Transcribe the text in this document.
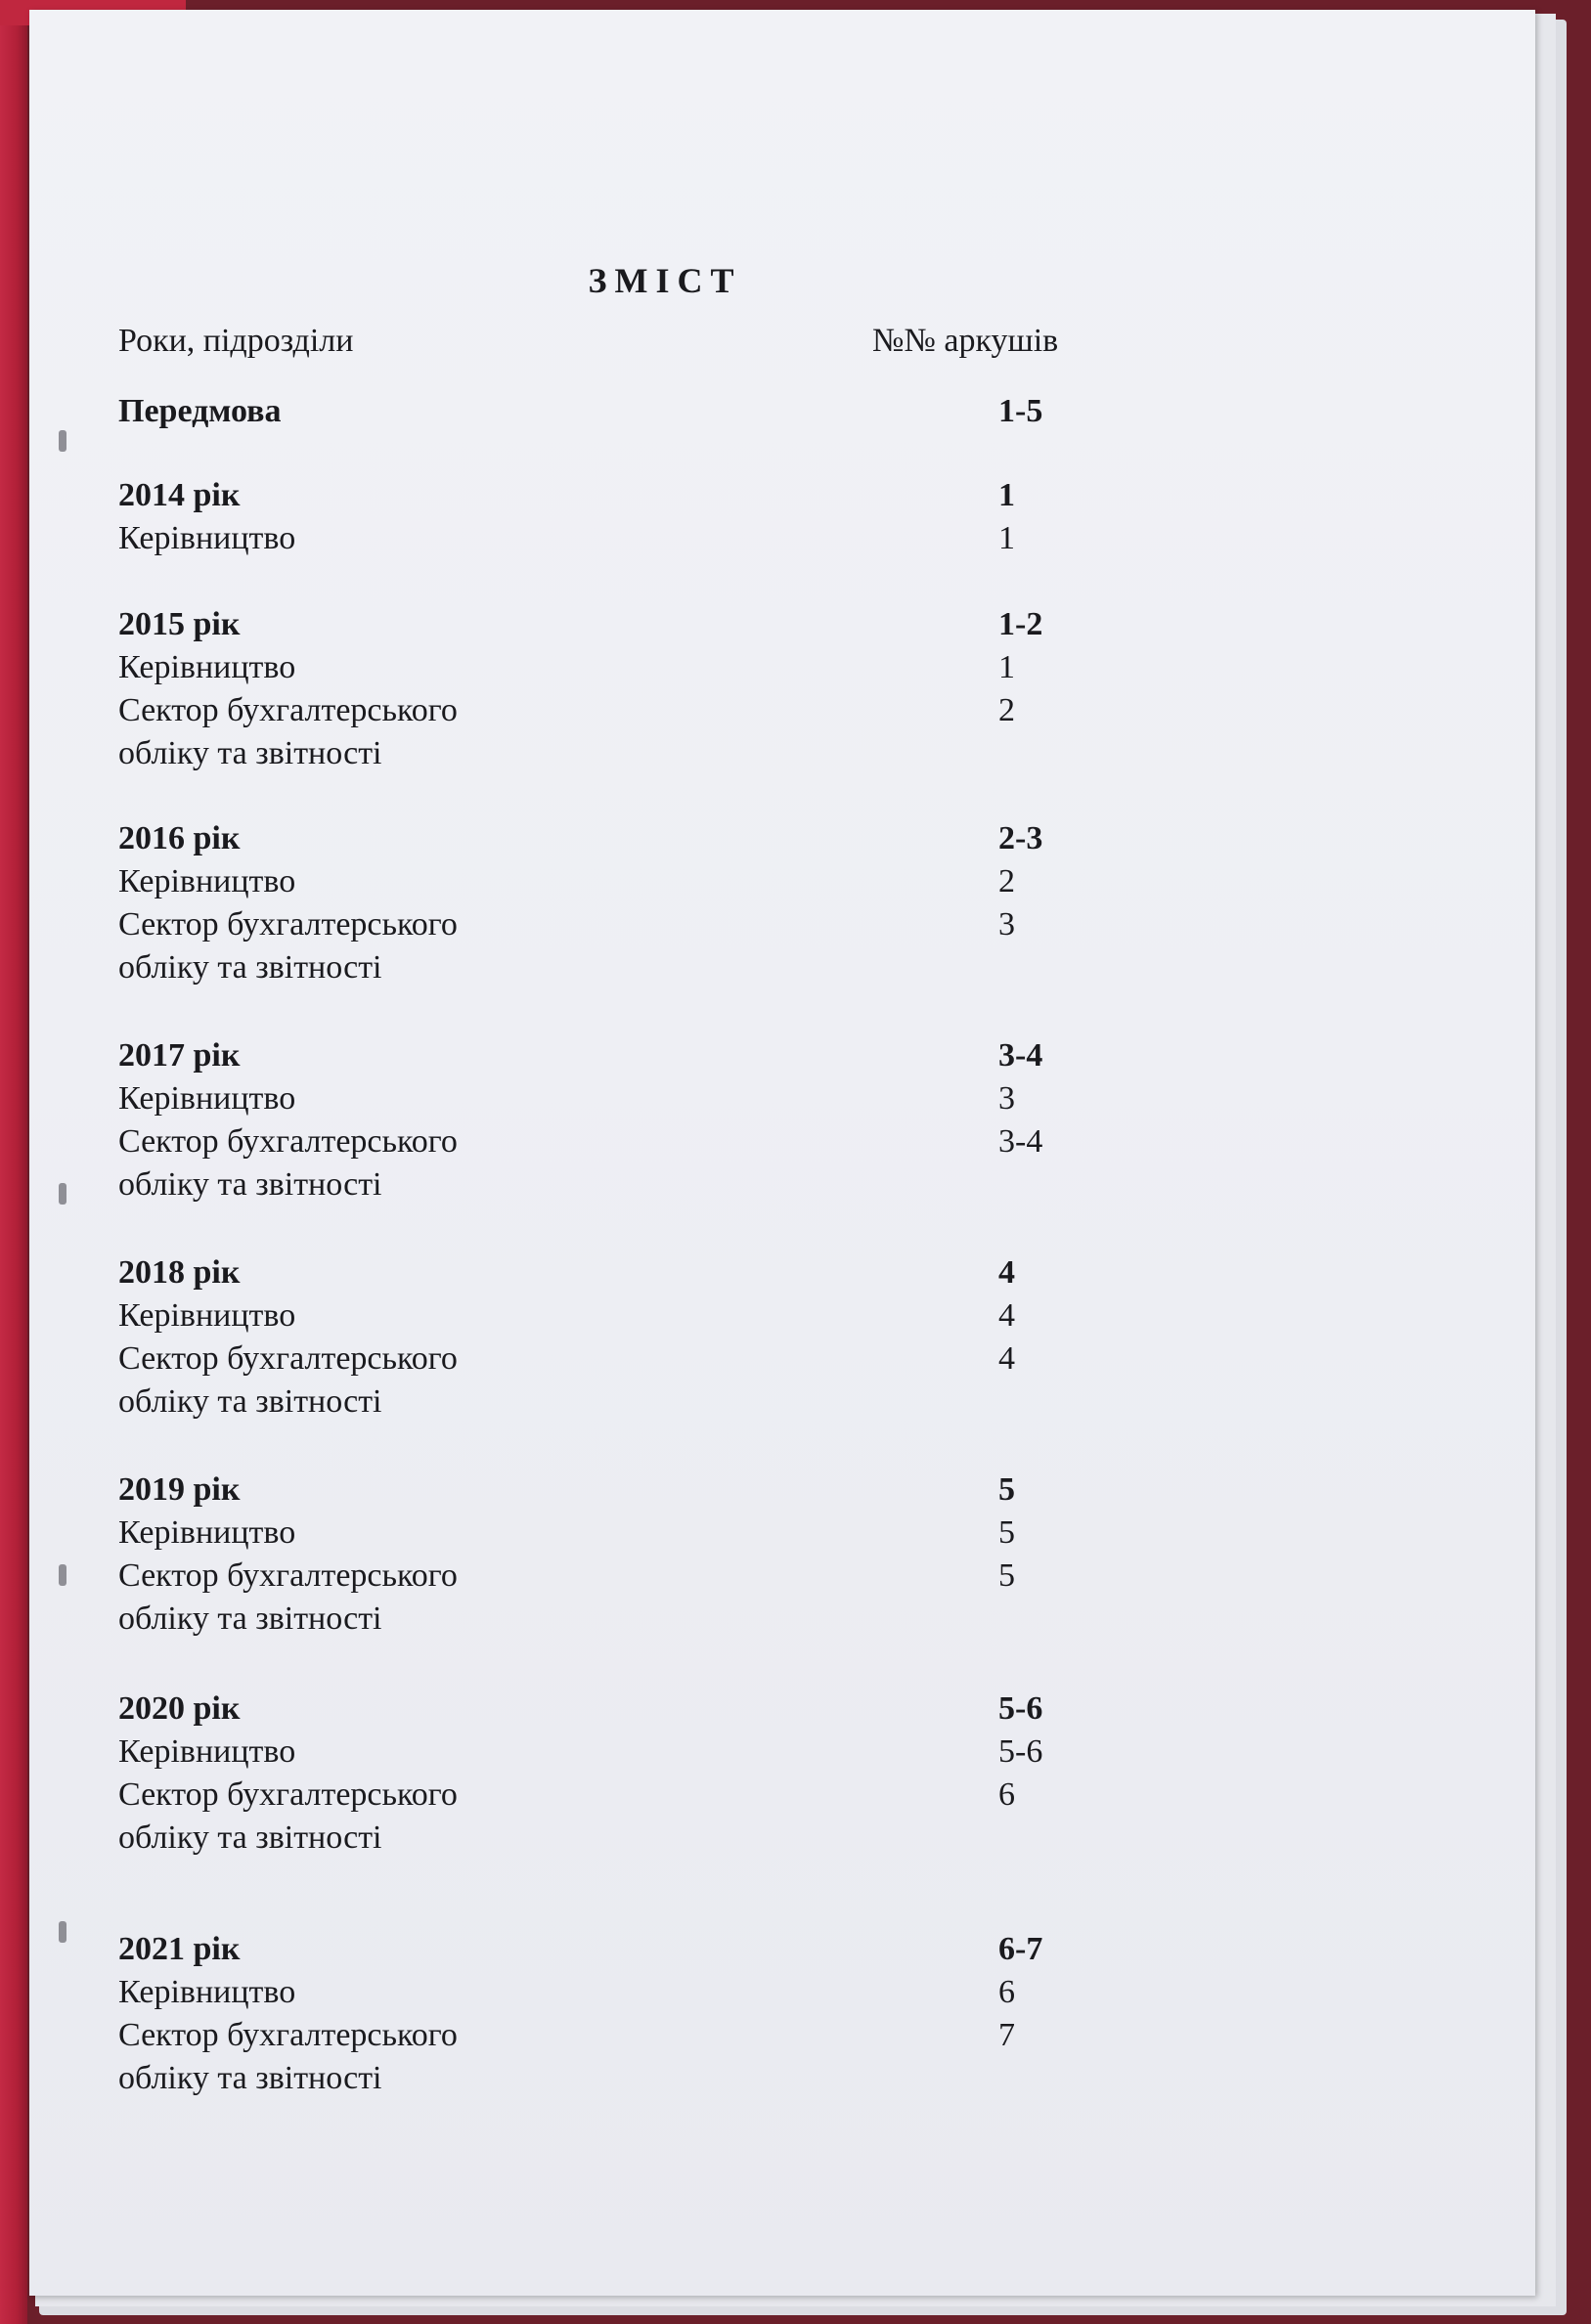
ЗМІСТ
Роки, підрозділи	№№ аркушів
Передмова	1-5
2014 рік	1
Керівництво	1
2015 рік	1-2
Керівництво	1
Сектор бухгалтерського	2
обліку та звітності
2016 рік	2-3
Керівництво	2
Сектор бухгалтерського	3
обліку та звітності
2017 рік	3-4
Керівництво	3
Сектор бухгалтерського	3-4
обліку та звітності
2018 рік	4
Керівництво	4
Сектор бухгалтерського	4
обліку та звітності
2019 рік	5
Керівництво	5
Сектор бухгалтерського	5
обліку та звітності
2020 рік	5-6
Керівництво	5-6
Сектор бухгалтерського	6
обліку та звітності
2021 рік	6-7
Керівництво	6
Сектор бухгалтерського	7
обліку та звітності
